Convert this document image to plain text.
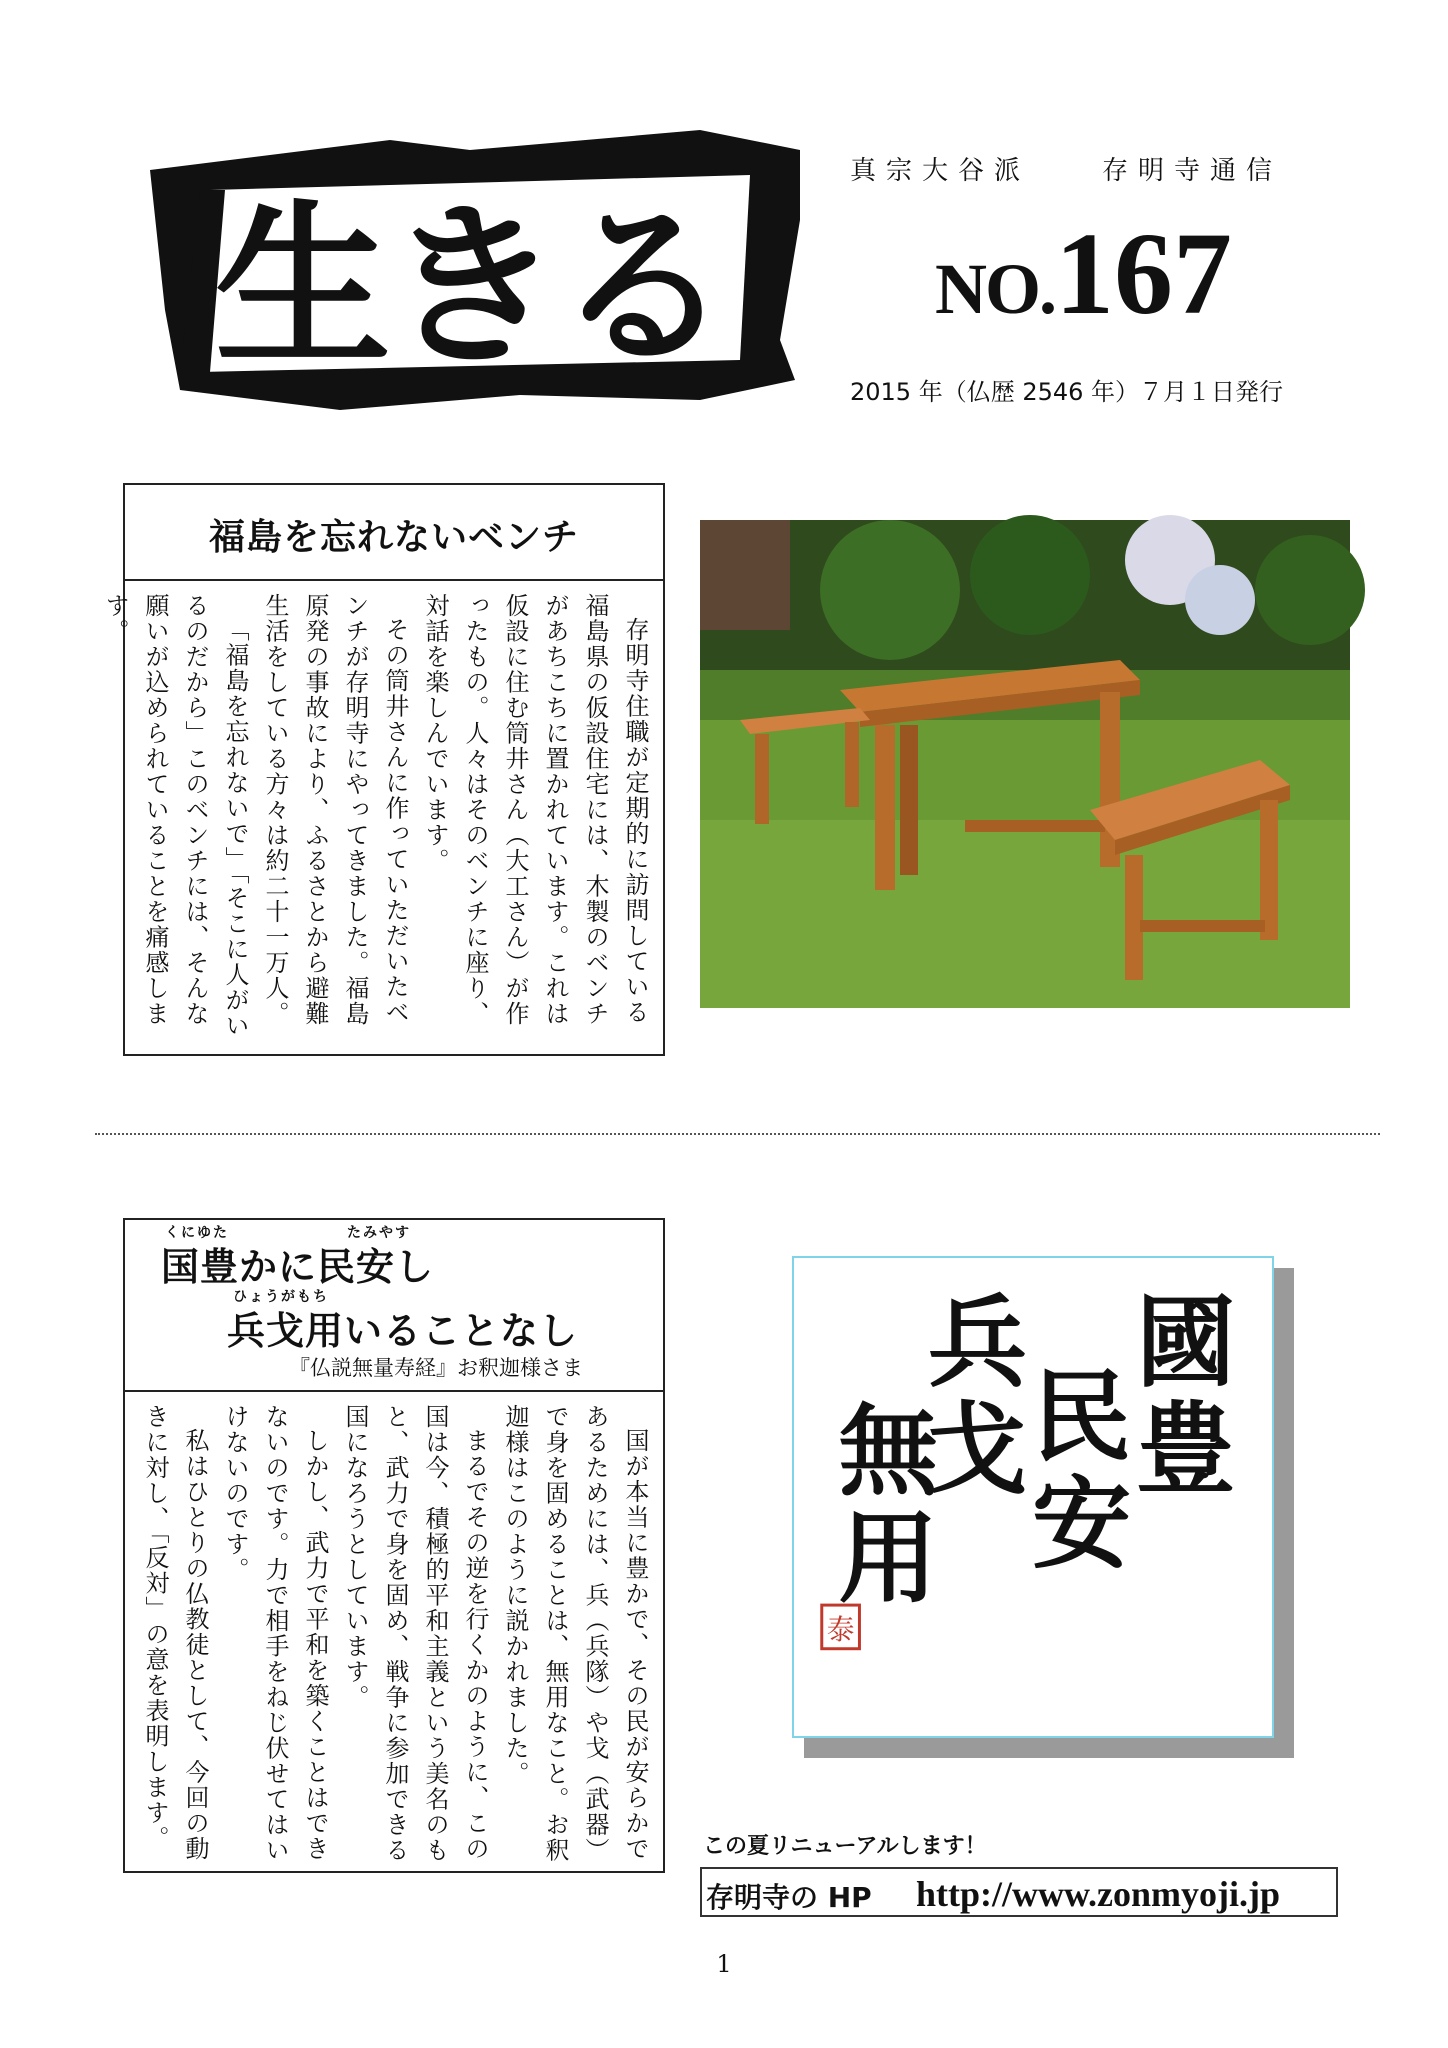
生きる
真宗大谷派　　存明寺通信
NO.167
2015 年（仏歴 2546 年）７月１日発行
福島を忘れないベンチ

存明寺住職が定期的に訪問している福島県の仮設住宅には、木製のベンチがあちこちに置かれています。これは仮設に住む筒井さん（大工さん）が作ったもの。人々はそのベンチに座り、対話を楽しんでいます。

その筒井さんに作っていただいたベンチが存明寺にやってきました。福島原発の事故により、ふるさとから避難生活をしている方々は約二十一万人。

「福島を忘れないで」「そこに人がいるのだから」このベンチには、そんな願いが込められていることを痛感します。

くにゆた	たみやす
国豊かに民安し
ひょうがもち
兵戈用いることなし
『仏説無量寿経』お釈迦様さま

国が本当に豊かで、その民が安らかであるためには、兵（兵隊）や戈（武器）で身を固めることは、無用なこと。お釈迦様はこのように説かれました。

まるでその逆を行くかのように、この国は今、積極的平和主義という美名のもと、武力で身を固め、戦争に参加できる国になろうとしています。

しかし、武力で平和を築くことはできないのです。力で相手をねじ伏せてはいけないのです。

私はひとりの仏教徒として、今回の動きに対し、「反対」の意を表明します。

國
豊
民
安
兵
戈
無
用
泰
この夏リニューアルします！
存明寺の HP http://www.zonmyoji.jp
1
